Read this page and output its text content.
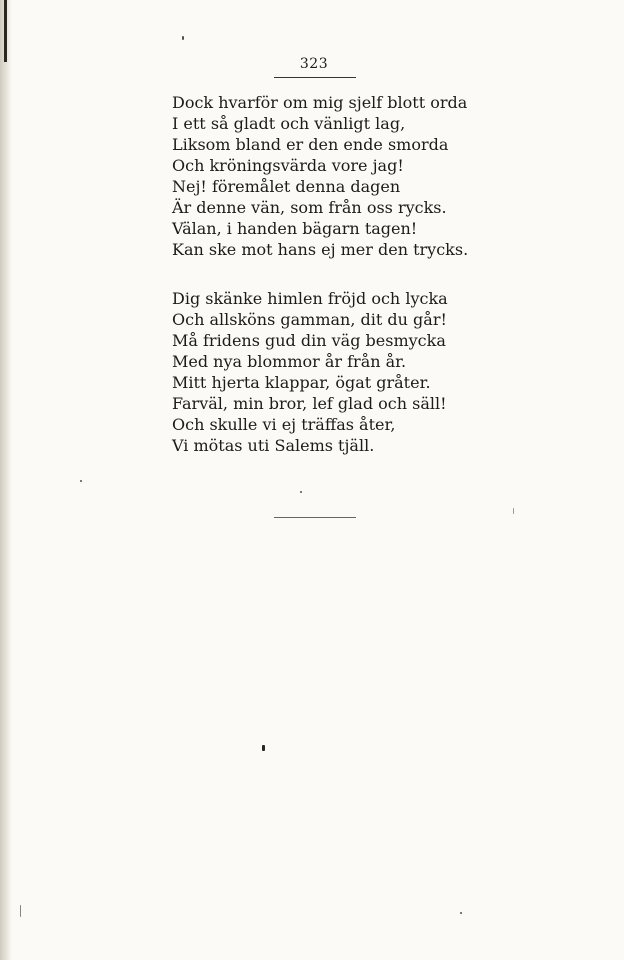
323
Dock hvarför om mig sjelf blott orda
I ett så gladt och vänligt lag,
Liksom bland er den ende smorda
Och kröningsvärda vore jag!
Nej! föremålet denna dagen
Är denne vän, som från oss rycks.
Välan, i handen bägarn tagen!
Kan ske mot hans ej mer den trycks.
Dig skänke himlen fröjd och lycka
Och allsköns gamman, dit du går!
Må fridens gud din väg besmycka
Med nya blommor år från år.
Mitt hjerta klappar, ögat gråter.
Farväl, min bror, lef glad och säll!
Och skulle vi ej träffas åter,
Vi mötas uti Salems tjäll.
